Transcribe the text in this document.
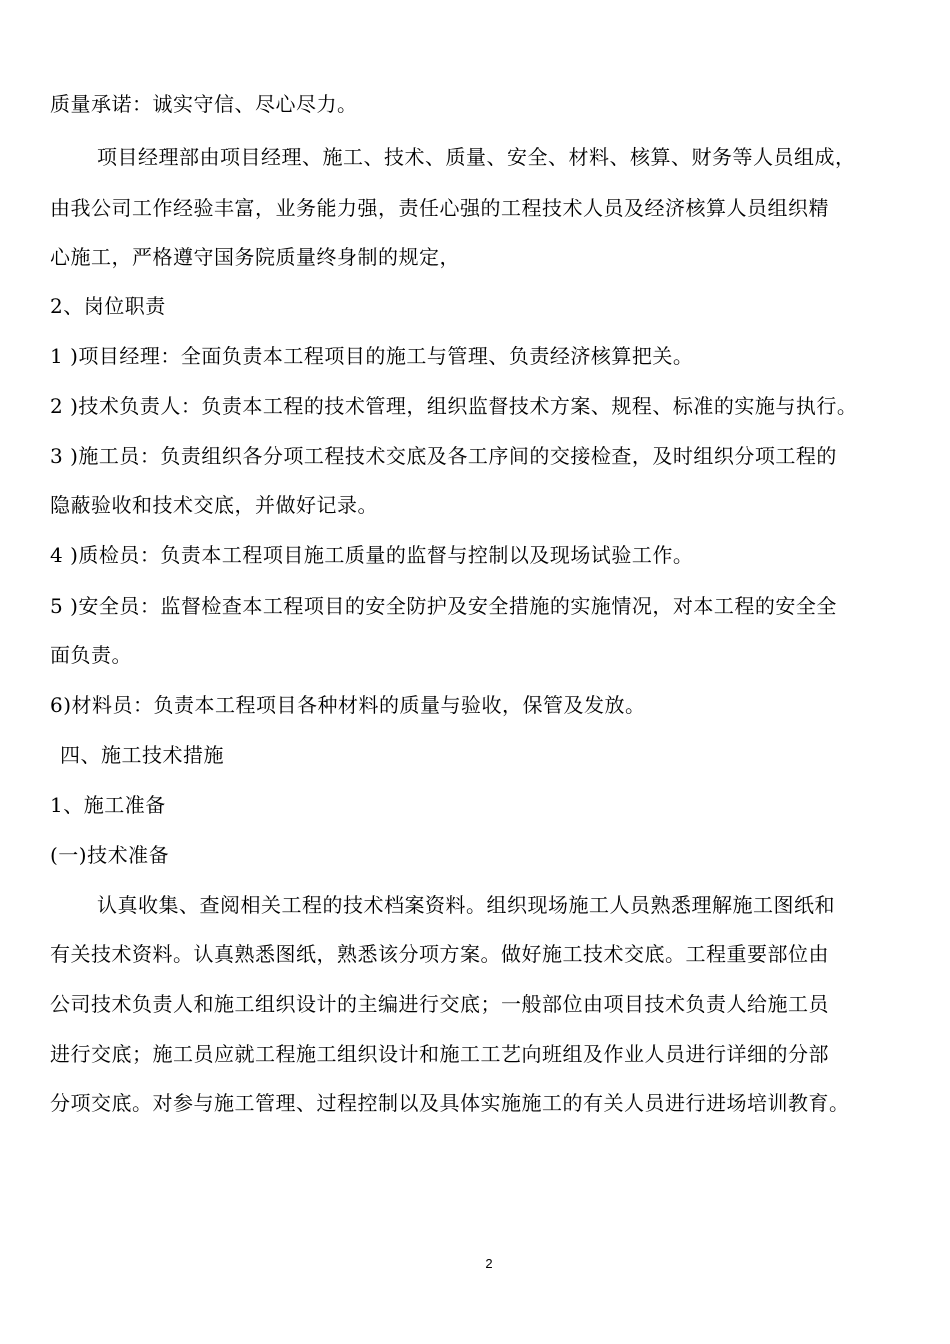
质量承诺：诚实守信、尽心尽力。
项目经理部由项目经理、施工、技术、质量、安全、材料、核算、财务等人员组成，
由我公司工作经验丰富，业务能力强，责任心强的工程技术人员及经济核算人员组织精
心施工，严格遵守国务院质量终身制的规定，
2、岗位职责
1 )项目经理：全面负责本工程项目的施工与管理、负责经济核算把关。
2 )技术负责人：负责本工程的技术管理，组织监督技术方案、规程、标准的实施与执行。
3 )施工员：负责组织各分项工程技术交底及各工序间的交接检查，及时组织分项工程的
隐蔽验收和技术交底，并做好记录。
4 )质检员：负责本工程项目施工质量的监督与控制以及现场试验工作。
5 )安全员：监督检查本工程项目的安全防护及安全措施的实施情况，对本工程的安全全
面负责。
6)材料员：负责本工程项目各种材料的质量与验收，保管及发放。
四、施工技术措施
1、施工准备
(一)技术准备
认真收集、查阅相关工程的技术档案资料。组织现场施工人员熟悉理解施工图纸和
有关技术资料。认真熟悉图纸，熟悉该分项方案。做好施工技术交底。工程重要部位由
公司技术负责人和施工组织设计的主编进行交底；一般部位由项目技术负责人给施工员
进行交底；施工员应就工程施工组织设计和施工工艺向班组及作业人员进行详细的分部
分项交底。对参与施工管理、过程控制以及具体实施施工的有关人员进行进场培训教育。
2
